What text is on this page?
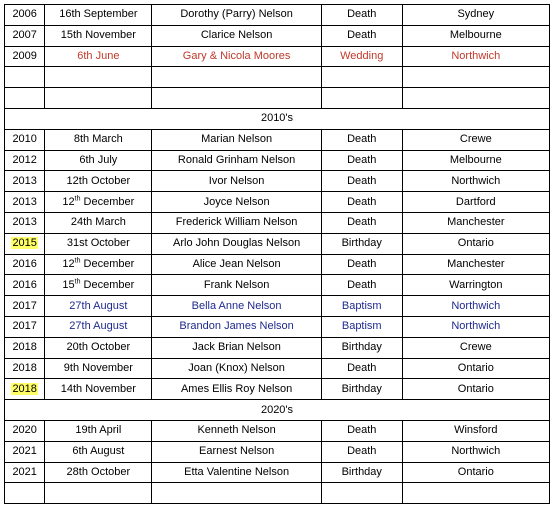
2006	16th September	Dorothy (Parry) Nelson	Death	Sydney
2007	15th November	Clarice Nelson	Death	Melbourne
2009	6th June	Gary & Nicola Moores	Wedding	Northwich

2010's				
2010	8th March	Marian Nelson	Death	Crewe
2012	6th July	Ronald Grinham Nelson	Death	Melbourne
2013	12th October	Ivor Nelson	Death	Northwich
2013	12th December	Joyce Nelson	Death	Dartford
2013	24th March	Frederick William Nelson	Death	Manchester
2015	31st October	Arlo John Douglas Nelson	Birthday	Ontario
2016	12th December	Alice Jean Nelson	Death	Manchester
2016	15th December	Frank Nelson	Death	Warrington
2017	27th August	Bella Anne Nelson	Baptism	Northwich
2017	27th August	Brandon James Nelson	Baptism	Northwich
2018	20th October	Jack Brian Nelson	Birthday	Crewe
2018	9th November	Joan (Knox) Nelson	Death	Ontario
2018	14th November	Ames Ellis Roy Nelson	Birthday	Ontario
2020's				
2020	19th April	Kenneth Nelson	Death	Winsford
2021	6th August	Earnest Nelson	Death	Northwich
2021	28th October	Etta Valentine Nelson	Birthday	Ontario
